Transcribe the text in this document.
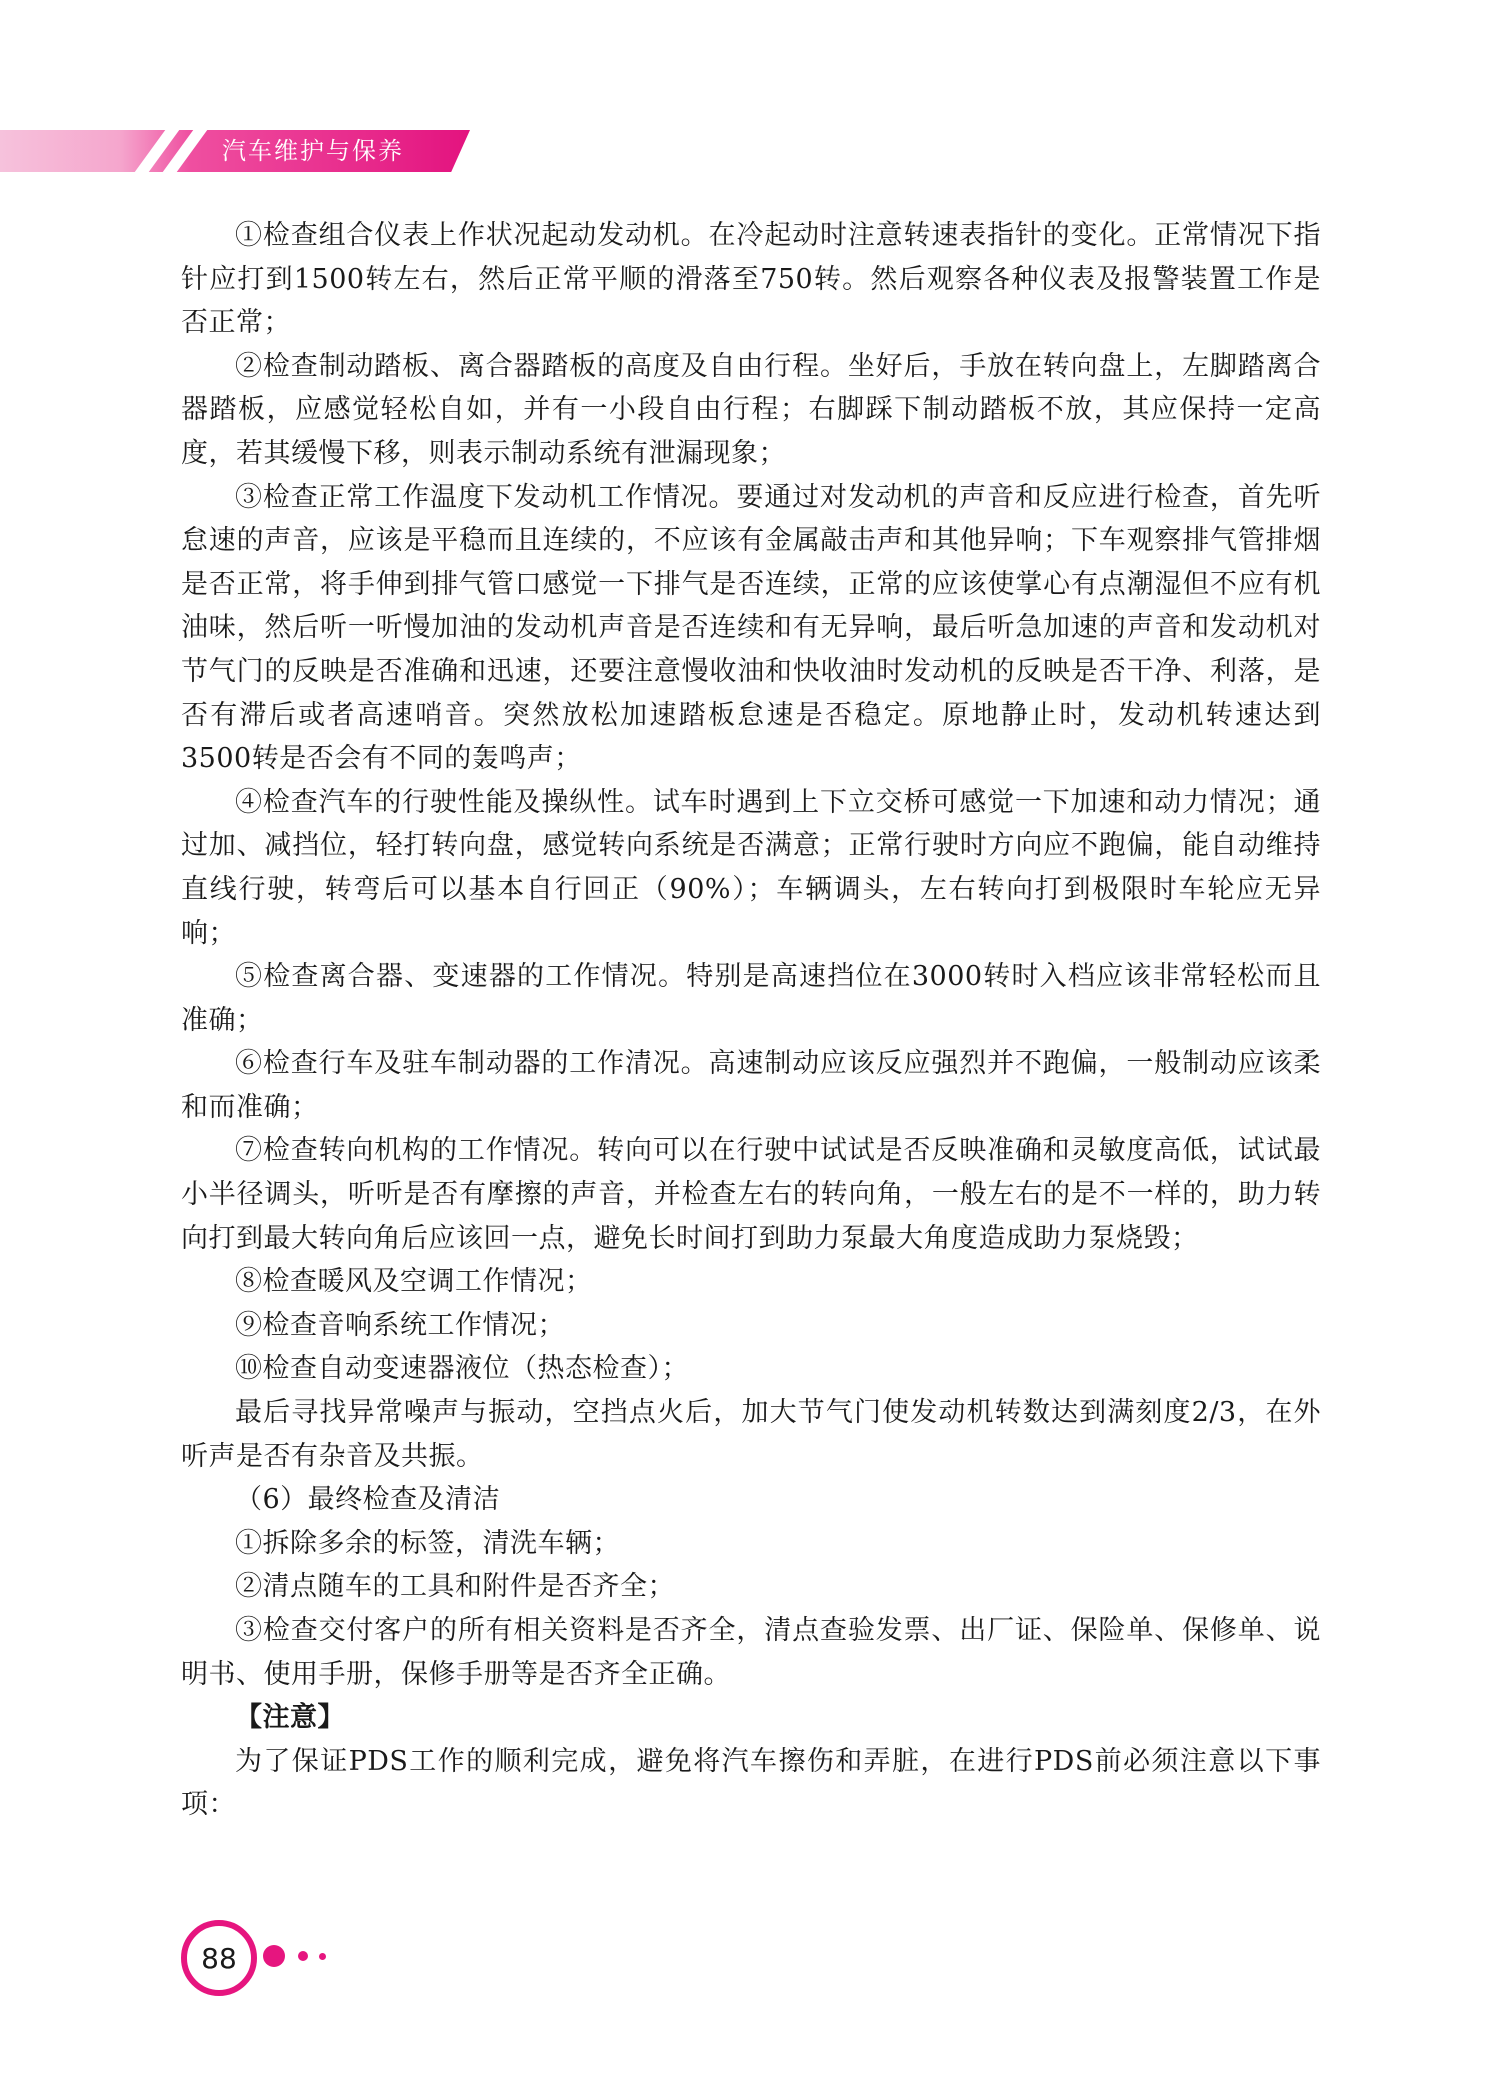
汽车维护与保养

①检查组合仪表上作状况起动发动机。在冷起动时注意转速表指针的变化。正常情况下指针应打到1500转左右，然后正常平顺的滑落至750转。然后观察各种仪表及报警装置工作是否正常；

②检查制动踏板、离合器踏板的高度及自由行程。坐好后，手放在转向盘上，左脚踏离合器踏板，应感觉轻松自如，并有一小段自由行程；右脚踩下制动踏板不放，其应保持一定高度，若其缓慢下移，则表示制动系统有泄漏现象；

③检查正常工作温度下发动机工作情况。要通过对发动机的声音和反应进行检查，首先听怠速的声音，应该是平稳而且连续的，不应该有金属敲击声和其他异响；下车观察排气管排烟是否正常，将手伸到排气管口感觉一下排气是否连续，正常的应该使掌心有点潮湿但不应有机油味，然后听一听慢加油的发动机声音是否连续和有无异响，最后听急加速的声音和发动机对节气门的反映是否准确和迅速，还要注意慢收油和快收油时发动机的反映是否干净、利落，是否有滞后或者高速哨音。突然放松加速踏板怠速是否稳定。原地静止时，发动机转速达到3500转是否会有不同的轰鸣声；

④检查汽车的行驶性能及操纵性。试车时遇到上下立交桥可感觉一下加速和动力情况；通过加、减挡位，轻打转向盘，感觉转向系统是否满意；正常行驶时方向应不跑偏，能自动维持直线行驶，转弯后可以基本自行回正（90%）；车辆调头，左右转向打到极限时车轮应无异响；

⑤检查离合器、变速器的工作情况。特别是高速挡位在3000转时入档应该非常轻松而且准确；

⑥检查行车及驻车制动器的工作清况。高速制动应该反应强烈并不跑偏，一般制动应该柔和而准确；

⑦检查转向机构的工作情况。转向可以在行驶中试试是否反映准确和灵敏度高低，试试最小半径调头，听听是否有摩擦的声音，并检查左右的转向角，一般左右的是不一样的，助力转向打到最大转向角后应该回一点，避免长时间打到助力泵最大角度造成助力泵烧毁；

⑧检查暖风及空调工作情况；

⑨检查音响系统工作情况；

⑩检查自动变速器液位（热态检查）；

最后寻找异常噪声与振动，空挡点火后，加大节气门使发动机转数达到满刻度2/3，在外听声是否有杂音及共振。

（6）最终检查及清洁

①拆除多余的标签，清洗车辆；

②清点随车的工具和附件是否齐全；

③检查交付客户的所有相关资料是否齐全，清点查验发票、出厂证、保险单、保修单、说明书、使用手册，保修手册等是否齐全正确。

【注意】

为了保证PDS工作的顺利完成，避免将汽车擦伤和弄脏，在进行PDS前必须注意以下事项：

88
